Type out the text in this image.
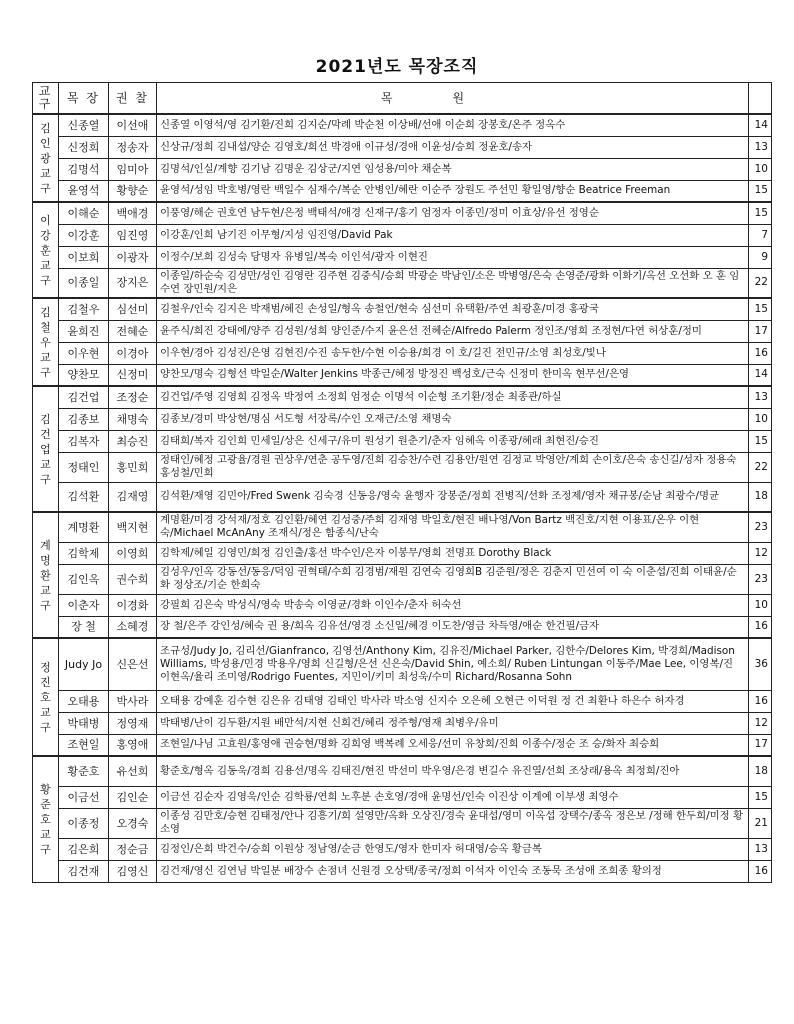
2021년도 목장조직
교구	목 장	권 찰	목원	
김인광 교구	신종열	이선애	신종열 이영석/영 김기환/진희 김지순/막례 박순천 이상배/선애 이순희 장봉호/온주 정옥수	14
	신정희	정송자	신상규/정희 김내섭/양순 김영호/희선 박경애 이규성/경애 이윤성/승희 정윤호/송자	13
	김명석	임미아	김명석/인실/계향 김기남 김명운 김상군/지연 임성용/미아 채순복	10
	윤영석	황향순	윤영석/성임 박호병/영란 백일수 심재수/복순 안병인/혜란 이순주 장원도 주선민 황일영/향순 Beatrice Freeman	15
이강훈 교구	이해순	백애경	이풍영/해순 권호연 남두현/은정 백태석/애경 신재구/홍기 엄정자 이종민/정미 이효상/유선 정영순	15
	이강훈	임진영	이강훈/인희 남기진 이무형/지성 임진영/David Pak	7
	이보희	이광자	이정수/보희 김성숙 당명자 유병일/복숙 이인석/광자 이현진	9
	이종일	장지은	이종일/하순숙 김성만/성인 김영란 김주현 김중식/승희 박광순 박남인/소은 박병영/은숙 손영준/광화 이화기/옥선 오선화 오 훈 임수연 장민원/지은	22
김철우 교구	김철우	심선미	김철우/인숙 김지은 박재범/혜진 손성일/형옥 송철언/현숙 심선미 유택환/주연 최광훈/미경 홍광국	15
	윤희진	전혜순	윤주식/희진 강태예/양주 김성원/성희 양인준/수지 윤은선 전혜순/Alfredo Palerm 정인조/영희 조정현/다연 허상훈/정미	17
	이우현	이경아	이우현/경아 김성진/은영 김현진/수진 송두한/수현 이승용/희경 이 호/길진 전민규/소영 최성호/빛나	16
	양찬모	신정미	양찬모/명숙 김형선 박일순/Walter Jenkins 박종근/혜정 방정진 백성호/근숙 신정미 한미옥 현무선/은영	14
김건업 교구	김건업	조정순	김건업/주영 김영희 김정옥 박정여 소정희 엄정순 이명석 이순형 조기환/정순 최종관/하실	13
	김종보	채명숙	김종보/경미 박상현/명심 서도형 서장록/수인 오재근/소영 채명숙	10
	김복자	최승진	김태희/복자 김인희 민세일/상은 신세구/유미 원성기 원춘기/춘자 임혜옥 이종광/혜래 최현진/승진	15
	정태인	홍민희	정태인/혜정 고광율/경원 권상우/연춘 공두영/진희 김승찬/수련 김용안/원연 김정교 박영안/계희 손이호/은숙 송신길/성자 정용숙 홍성철/민희	22
	김석환	김재영	김석환/재영 김민아/Fred Swenk 김숙경 신동응/영숙 윤행자 장봉준/정희 전병직/선화 조정제/영자 채규봉/순남 최광수/명균	18
계명환 교구	계명환	백지현	계명환/미경 강석재/정호 김인환/혜연 김성중/주희 김재영 박일호/현진 배나영/Von Bartz 백진호/지현 이용표/온우 이현숙/Michael McAnAny 조재식/정은 함종식/난숙	23
	김학제	이영희	김학제/혜일 김영민/희정 김인출/홍선 박수인/은자 이봉무/영희 전명표 Dorothy Black	12
	김인옥	권수희	김성우/인옥 강동선/동응/덕임 권혁태/수희 김경범/재원 김연숙 김영희B 김준원/정은 김춘지 민선여 이 숙 이춘섭/진희 이태윤/순화 정상조/기순 한희숙	23
	이춘자	이경화	강필희 김은숙 박성식/영숙 박송숙 이영균/경화 이인수/춘자 허숙선	10
	장 철	소혜경	장 철/은주 강인성/혜숙 권 용/희옥 김유선/영경 소신일/혜경 이도찬/영금 차득영/애순 한건필/금자	16
정진호 교구	Judy Jo	신은선	조규성/Judy Jo, 김리선/Gianfranco, 김영선/Anthony Kim, 김유진/Michael Parker, 김한수/Delores Kim, 박경희/Madison Williams, 박성용/민경 박용우/영희 신길형/은선 신은숙/David Shin, 예소희/ Ruben Lintungan 이동주/Mae Lee, 이영복/진 이현옥/율리 조미영/Rodrigo Fuentes, 지민이/키미 최성욱/수미 Richard/Rosanna Sohn	36
	오태용	박사라	오태용 강예훈 김수현 김은유 김태영 김태인 박사라 박소영 신지수 오은혜 오현근 이덕원 정 건 최환나 하은수 허자경	16
	박태병	정영재	박태병/난이 김두환/지원 배만석/지현 신희건/혜리 정주형/영재 최병우/유미	12
	조현일	홍영애	조현일/나님 고효원/홍영애 권승현/명화 김희영 백복례 오세응/선미 유창희/진희 이종수/정순 조 승/화자 최승희	17
황준호 교구	황준호	유선희	황준호/형옥 김동욱/경희 김용선/명옥 김태진/현진 박선미 박우영/은경 변길수 유진열/선희 조상래/용옥 최정희/진아	18
	이금선	김인순	이금선 김순자 김영욱/인순 김학룡/연희 노후분 손호영/경애 윤명선/인숙 이진상 이계예 이부생 최영수	15
	이종정	오경숙	이종성 김만호/승현 김태정/안나 김흥기/희 설영만/옥화 오상진/경숙 윤대섭/영미 이옥섭 장택수/종옥 정은보 /정해 한두희/미정 황소영	21
	김은희	정순금	김정인/은희 박건수/승희 이원상 정남영/순금 한영도/영자 한미자 허대영/승옥 황금복	13
	김건재	김영신	김건재/영신 김연님 박일분 배장수 손점녀 신원경 오상택/종국/정희 이석자 이인숙 조동묵 조성애 조희종 황의정	16
